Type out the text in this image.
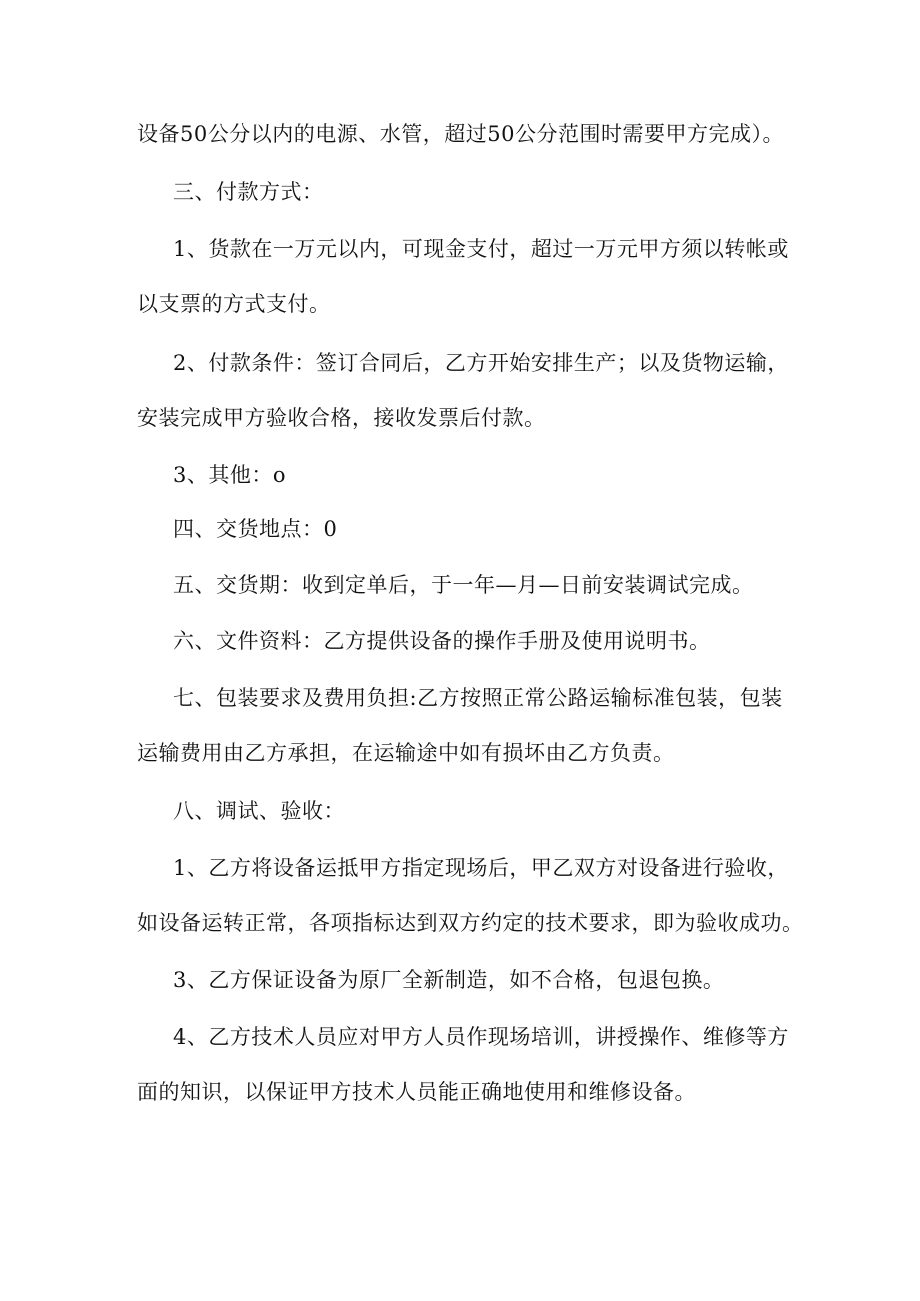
设备50公分以内的电源、水管，超过50公分范围时需要甲方完成）。
三、付款方式：
1、货款在一万元以内，可现金支付，超过一万元甲方须以转帐或
以支票的方式支付。
2、付款条件：签订合同后，乙方开始安排生产；以及货物运输，
安装完成甲方验收合格，接收发票后付款。
3、其他：o
四、交货地点：0
五、交货期：收到定单后，于一年—月—日前安装调试完成。
六、文件资料：乙方提供设备的操作手册及使用说明书。
七、包装要求及费用负担:乙方按照正常公路运输标准包装，包装
运输费用由乙方承担，在运输途中如有损坏由乙方负责。
八、调试、验收：
1、乙方将设备运抵甲方指定现场后，甲乙双方对设备进行验收，
如设备运转正常，各项指标达到双方约定的技术要求，即为验收成功。
3、乙方保证设备为原厂全新制造，如不合格，包退包换。
4、乙方技术人员应对甲方人员作现场培训，讲授操作、维修等方
面的知识，以保证甲方技术人员能正确地使用和维修设备。
